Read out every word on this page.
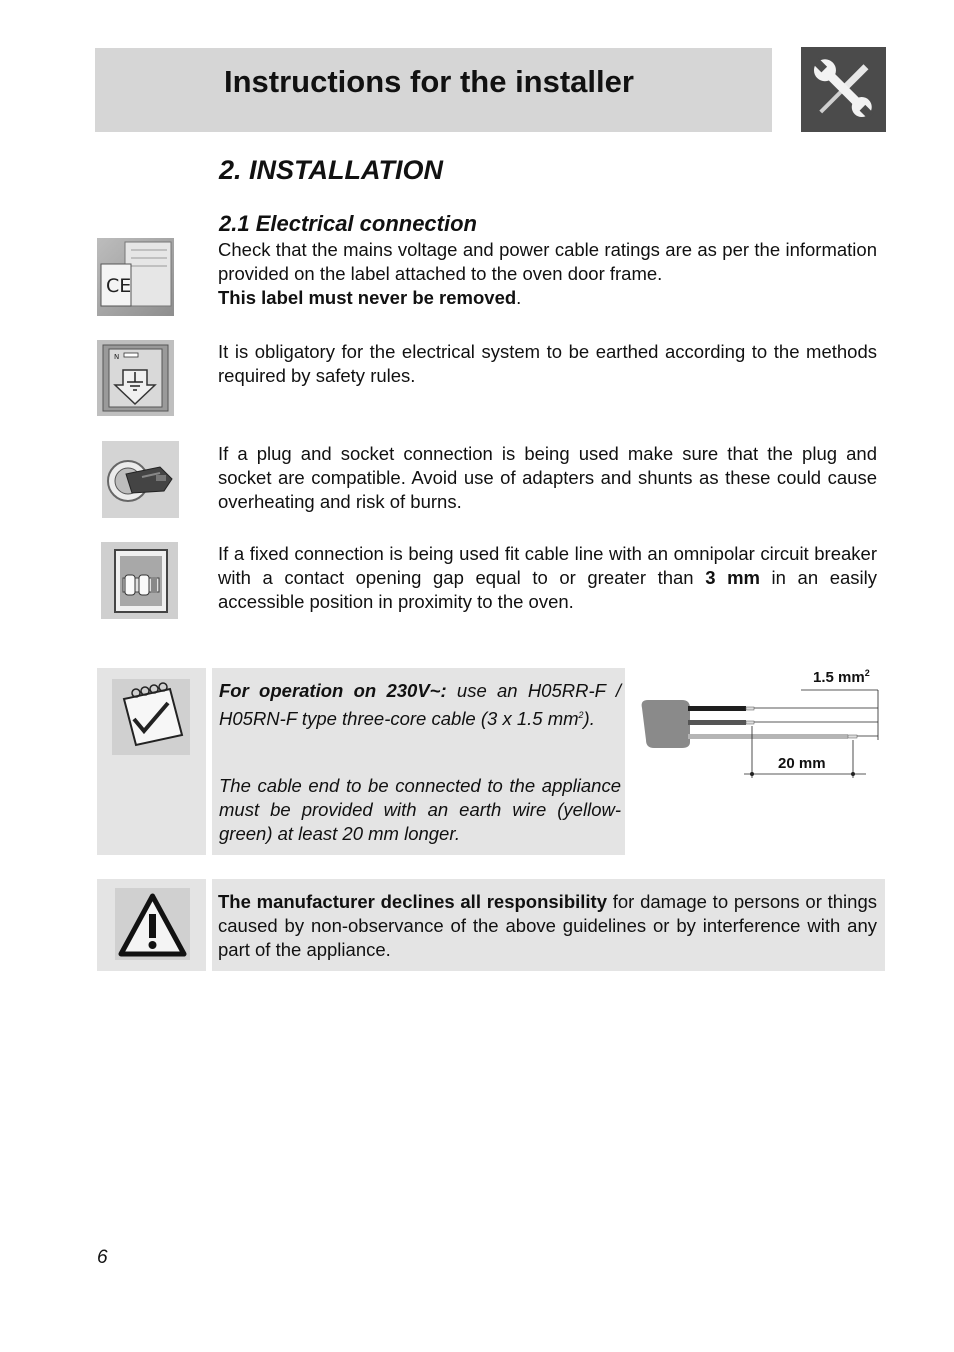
Instructions for the installer
2. INSTALLATION
2.1 Electrical connection
CE
Check that the mains voltage and power cable ratings are as per the information provided on the label attached to the oven door frame.
This label must never be removed.
N	It is obligatory for the electrical system to be earthed according to the methods required by safety rules.
If a plug and socket connection is being used make sure that the plug and socket are compatible. Avoid use of adapters and shunts as these could cause overheating and risk of burns.
If a fixed connection is being used fit cable line with an omnipolar circuit breaker with a contact opening gap equal to or greater than 3 mm in an easily accessible position in proximity to the oven.
For operation on 230V~: use an H05RR-F / H05RN-F type three-core cable (3 x 1.5 $mm^2$).
The cable end to be connected to the appliance must be provided with an earth wire (yellow-green) at least 20 mm longer.
1.5 $mm^2$
20 mm
The manufacturer declines all responsibility for damage to persons or things caused by non-observance of the above guidelines or by interference with any part of the appliance.
6
